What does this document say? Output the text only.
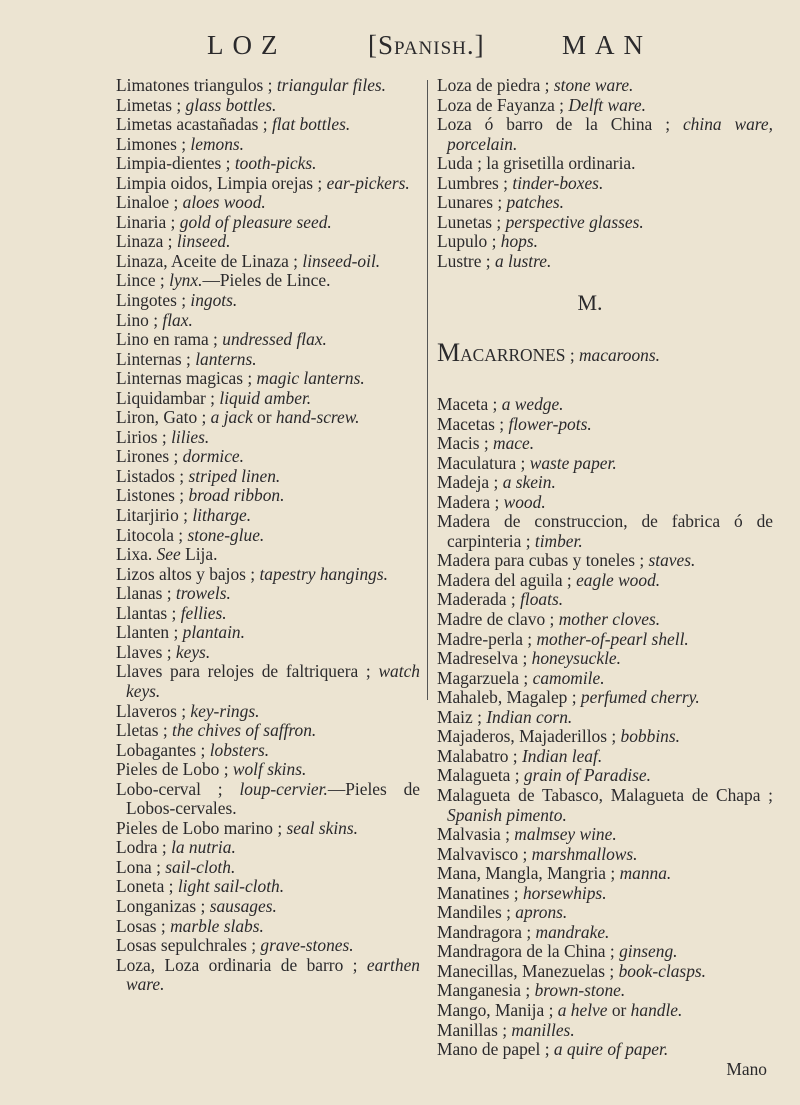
LOZ	[Spanish.]	MAN

Limatones triangulos ; triangular files.

Limetas ; glass bottles.

Limetas acastañadas ; flat bottles.

Limones ; lemons.

Limpia-dientes ; tooth-picks.

Limpia oidos, Limpia orejas ; ear-pickers.

Linaloe ; aloes wood.

Linaria ; gold of pleasure seed.

Linaza ; linseed.

Linaza, Aceite de Linaza ; linseed-oil.

Lince ; lynx.—Pieles de Lince.

Lingotes ; ingots.

Lino ; flax.

Lino en rama ; undressed flax.

Linternas ; lanterns.

Linternas magicas ; magic lanterns.

Liquidambar ; liquid amber.

Liron, Gato ; a jack or hand-screw.

Lirios ; lilies.

Lirones ; dormice.

Listados ; striped linen.

Listones ; broad ribbon.

Litarjirio ; litharge.

Litocola ; stone-glue.

Lixa. See Lija.

Lizos altos y bajos ; tapestry hangings.

Llanas ; trowels.

Llantas ; fellies.

Llanten ; plantain.

Llaves ; keys.

Llaves para relojes de faltriquera ; watch keys.

Llaveros ; key-rings.

Lletas ; the chives of saffron.

Lobagantes ; lobsters.

Pieles de Lobo ; wolf skins.

Lobo-cerval ; loup-cervier.—Pieles de Lobos-cervales.

Pieles de Lobo marino ; seal skins.

Lodra ; la nutria.

Lona ; sail-cloth.

Loneta ; light sail-cloth.

Longanizas ; sausages.

Losas ; marble slabs.

Losas sepulchrales ; grave-stones.

Loza, Loza ordinaria de barro ; earthen ware.

Loza de piedra ; stone ware.

Loza de Fayanza ; Delft ware.

Loza ó barro de la China ; china ware, porcelain.

Luda ; la grisetilla ordinaria.

Lumbres ; tinder-boxes.

Lunares ; patches.

Lunetas ; perspective glasses.

Lupulo ; hops.

Lustre ; a lustre.

M.

MACARRONES ; macaroons.

Maceta ; a wedge.

Macetas ; flower-pots.

Macis ; mace.

Maculatura ; waste paper.

Madeja ; a skein.

Madera ; wood.

Madera de construccion, de fabrica ó de carpinteria ; timber.

Madera para cubas y toneles ; staves.

Madera del aguila ; eagle wood.

Maderada ; floats.

Madre de clavo ; mother cloves.

Madre-perla ; mother-of-pearl shell.

Madreselva ; honeysuckle.

Magarzuela ; camomile.

Mahaleb, Magalep ; perfumed cherry.

Maiz ; Indian corn.

Majaderos, Majaderillos ; bobbins.

Malabatro ; Indian leaf.

Malagueta ; grain of Paradise.

Malagueta de Tabasco, Malagueta de Chapa ; Spanish pimento.

Malvasia ; malmsey wine.

Malvavisco ; marshmallows.

Mana, Mangla, Mangria ; manna.

Manatines ; horsewhips.

Mandiles ; aprons.

Mandragora ; mandrake.

Mandragora de la China ; ginseng.

Manecillas, Manezuelas ; book-clasps.

Manganesia ; brown-stone.

Mango, Manija ; a helve or handle.

Manillas ; manilles.

Mano de papel ; a quire of paper.

Mano
